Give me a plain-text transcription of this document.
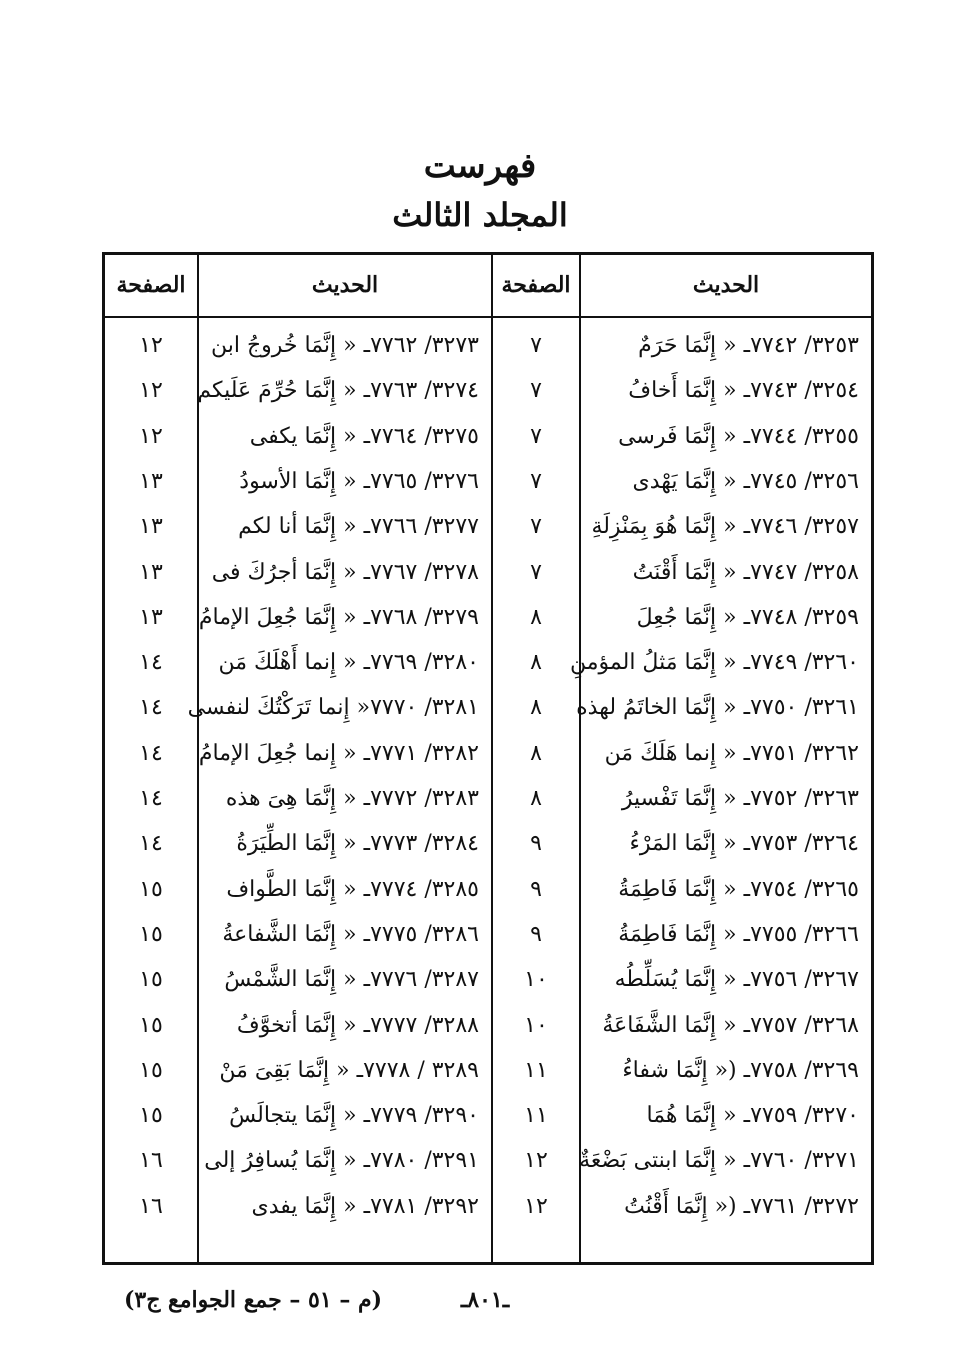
فهرست
المجلد الثالث
الحديث
الصفحة
الحديث
الصفحة
٣٢٥٣/ ٧٧٤٢ـ « إِنَّمَا حَرَمٌ
٧
٣٢٧٣/ ٧٧٦٢ـ « إِنَّمَا خُروجُ ابن
١٢
٣٢٥٤/ ٧٧٤٣ـ « إِنَّمَا أَخافُ
٧
٣٢٧٤/ ٧٧٦٣ـ « إِنَّمَا حُرِّمَ عَلَيكم
١٢
٣٢٥٥/ ٧٧٤٤ـ « إِنَّمَا فَرسى
٧
٣٢٧٥/ ٧٧٦٤ـ « إِنَّمَا يكفى
١٢
٣٢٥٦/ ٧٧٤٥ـ « إِنَّمَا يَهْدى
٧
٣٢٧٦/ ٧٧٦٥ـ « إِنَّمَا الأسودُ
١٣
٣٢٥٧/ ٧٧٤٦ـ « إِنَّمَا هُوَ بِمَنْزِلَةِ
٧
٣٢٧٧/ ٧٧٦٦ـ « إِنَّمَا أنا لكم
١٣
٣٢٥٨/ ٧٧٤٧ـ « إِنَّمَا أَقْنَتُ
٧
٣٢٧٨/ ٧٧٦٧ـ « إِنَّمَا أجرُكَ فى
١٣
٣٢٥٩/ ٧٧٤٨ـ « إِنَّمَا جُعِلَ
٨
٣٢٧٩/ ٧٧٦٨ـ « إِنَّمَا جُعِلَ الإمامُ
١٣
٣٢٦٠/ ٧٧٤٩ـ « إِنَّمَا مَثلُ المؤمنِ
٨
٣٢٨٠/ ٧٧٦٩ـ « إِنما أَهْلَكَ مَن
١٤
٣٢٦١/ ٧٧٥٠ـ « إِنَّمَا الخاتَمُ لهذه
٨
٣٢٨١/ ٧٧٧٠« إِنما تَرَكْتُكَ لنفسى
١٤
٣٢٦٢/ ٧٧٥١ـ « إِنما هَلَكَ مَن
٨
٣٢٨٢/ ٧٧٧١ـ « إِنما جُعِلَ الإمامُ
١٤
٣٢٦٣/ ٧٧٥٢ـ « إِنَّمَا تَفْسيرُ
٨
٣٢٨٣/ ٧٧٧٢ـ « إِنَّمَا هِىَ هذه
١٤
٣٢٦٤/ ٧٧٥٣ـ « إِنَّمَا المَرْءُ
٩
٣٢٨٤/ ٧٧٧٣ـ « إِنَّمَا الطِّيَرَةُ
١٤
٣٢٦٥/ ٧٧٥٤ـ « إِنَّمَا فَاطِمَةُ
٩
٣٢٨٥/ ٧٧٧٤ـ « إِنَّمَا الطَّواف
١٥
٣٢٦٦/ ٧٧٥٥ـ « إِنَّمَا فَاطِمَةُ
٩
٣٢٨٦/ ٧٧٧٥ـ « إِنَّمَا الشَّفاعةُ
١٥
٣٢٦٧/ ٧٧٥٦ـ « إِنَّمَا يُسَلِّطُه
١٠
٣٢٨٧/ ٧٧٧٦ـ « إِنَّمَا الشَّمْسُ
١٥
٣٢٦٨/ ٧٧٥٧ـ « إِنَّمَا الشَّفَاعَةُ
١٠
٣٢٨٨/ ٧٧٧٧ـ « إِنَّمَا أتخوَّفُ
١٥
٣٢٦٩/ ٧٧٥٨ـ (« إِنَّمَا شفاءُ
١١
٣٢٨٩ / ٧٧٧٨ـ « إِنَّمَا بَقِىَ مَنْ
١٥
٣٢٧٠/ ٧٧٥٩ـ « إِنَّمَا هُمَا
١١
٣٢٩٠/ ٧٧٧٩ـ « إِنَّمَا يتجالَسُ
١٥
٣٢٧١/ ٧٧٦٠ـ « إِنَّمَا ابنتى بَضْعَةٌ
١٢
٣٢٩١/ ٧٧٨٠ـ « إِنَّمَا يُسافِرُ إلى
١٦
٣٢٧٢/ ٧٧٦١ـ (« إِنَّمَا أَقْنُتُ
١٢
٣٢٩٢/ ٧٧٨١ـ « إِنَّمَا يفدى
١٦
ـ٨٠١ـ
(م – ٥١ – جمع الجوامع ج٣)
